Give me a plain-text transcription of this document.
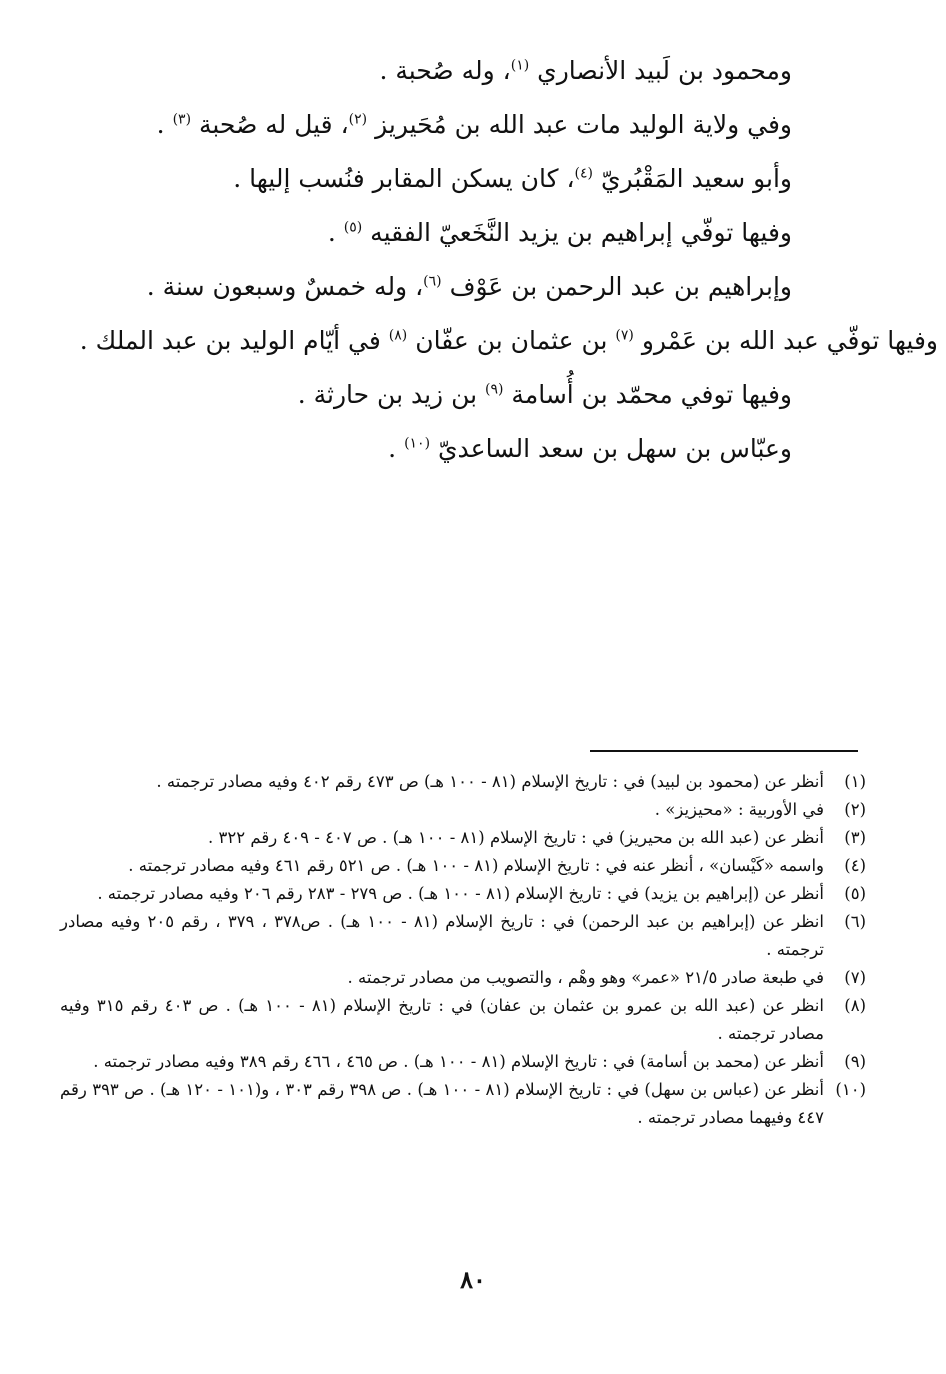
ومحمود بن لَبيد الأنصاري $^{(١)}$، وله صُحبة .
وفي ولاية الوليد مات عبد الله بن مُحَيريز $^{(٢)}$، قيل له صُحبة $^{(٣)}$ .
وأبو سعيد المَقْبُريّ $^{(٤)}$، كان يسكن المقابر فنُسب إليها .
وفيها توفّي إبراهيم بن يزيد النَّخَعيّ الفقيه $^{(٥)}$ .
وإبراهيم بن عبد الرحمن بن عَوْف $^{(٦)}$، وله خمسٌ وسبعون سنة .
وفيها توفّي عبد الله بن عَمْرو $^{(٧)}$ بن عثمان بن عفّان $^{(٨)}$ في أيّام الوليد بن عبد الملك .
وفيها توفي محمّد بن أُسامة $^{(٩)}$ بن زيد بن حارثة .
وعبّاس بن سهل بن سعد الساعديّ $^{(١٠)}$ .
(١)
أنظر عن (محمود بن لبيد) في : تاريخ الإسلام (٨١ - ١٠٠ هـ) ص ٤٧٣ رقم ٤٠٢ وفيه مصادر ترجمته .
(٢)
في الأوربية : «محيزيز» .
(٣)
أنظر عن (عبد الله بن محيريز) في : تاريخ الإسلام (٨١ - ١٠٠ هـ) . ص ٤٠٧ - ٤٠٩ رقم ٣٢٢ .
(٤)
واسمه «كَيْسان» ، أنظر عنه في : تاريخ الإسلام (٨١ - ١٠٠ هـ) . ص ٥٢١ رقم ٤٦١ وفيه مصادر ترجمته .
(٥)
أنظر عن (إبراهيم بن يزيد) في : تاريخ الإسلام (٨١ - ١٠٠ هـ) . ص ٢٧٩ - ٢٨٣ رقم ٢٠٦ وفيه مصادر ترجمته .
(٦)
انظر عن (إبراهيم بن عبد الرحمن) في : تاريخ الإسلام (٨١ - ١٠٠ هـ) . ص٣٧٨ ، ٣٧٩ ، رقم ٢٠٥ وفيه مصادر ترجمته .
(٧)
في طبعة صادر ٢١/٥ «عمر» وهو وهْم ، والتصويب من مصادر ترجمته .
(٨)
انظر عن (عبد الله بن عمرو بن عثمان بن عفان) في : تاريخ الإسلام (٨١ - ١٠٠ هـ) . ص ٤٠٣ رقم ٣١٥ وفيه مصادر ترجمته .
(٩)
أنظر عن (محمد بن أسامة) في : تاريخ الإسلام (٨١ - ١٠٠ هـ) . ص ٤٦٥ ، ٤٦٦ رقم ٣٨٩ وفيه مصادر ترجمته .
(١٠)
أنظر عن (عباس بن سهل) في : تاريخ الإسلام (٨١ - ١٠٠ هـ) . ص ٣٩٨ رقم ٣٠٣ ، و(١٠١ - ١٢٠ هـ) . ص ٣٩٣ رقم ٤٤٧ وفيهما مصادر ترجمته .
٨٠
